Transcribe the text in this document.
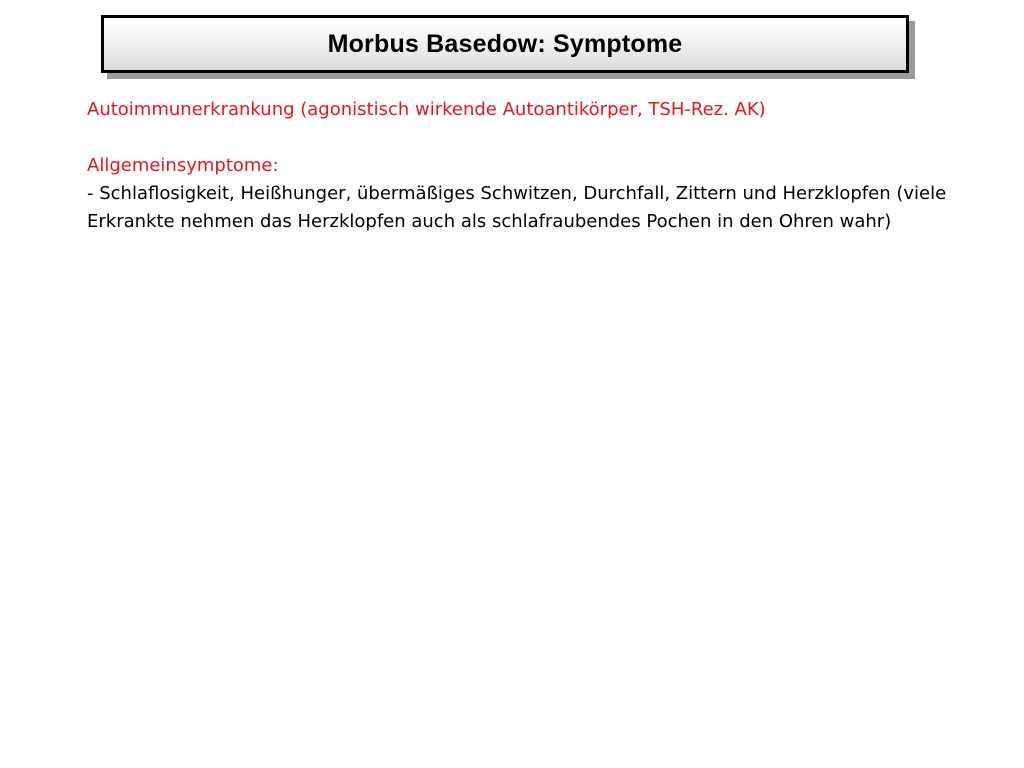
Morbus Basedow: Symptome

Autoimmunerkrankung (agonistisch wirkende Autoantikörper, TSH-Rez. AK)

Allgemeinsymptome:

- Schlaflosigkeit, Heißhunger, übermäßiges Schwitzen, Durchfall, Zittern und Herzklopfen (viele Erkrankte nehmen das Herzklopfen auch als schlafraubendes Pochen in den Ohren wahr)
